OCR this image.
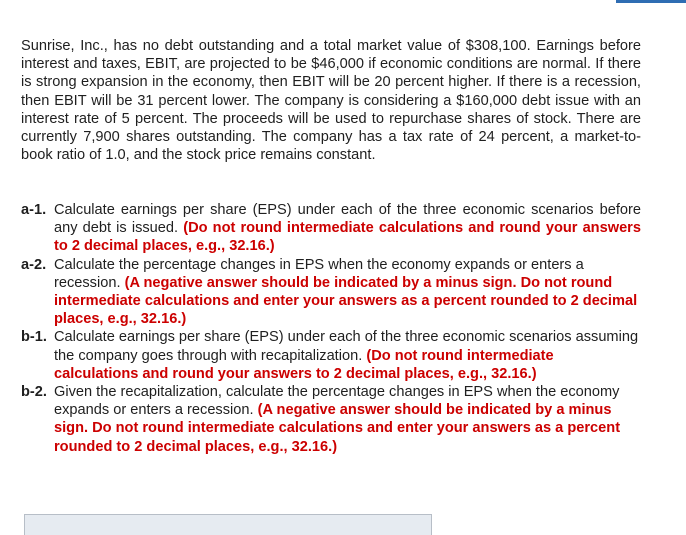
Sunrise, Inc., has no debt outstanding and a total market value of $308,100. Earnings before interest and taxes, EBIT, are projected to be $46,000 if economic conditions are normal. If there is strong expansion in the economy, then EBIT will be 20 percent higher. If there is a recession, then EBIT will be 31 percent lower. The company is considering a $160,000 debt issue with an interest rate of 5 percent. The proceeds will be used to repurchase shares of stock. There are currently 7,900 shares outstanding. The company has a tax rate of 24 percent, a market-to-book ratio of 1.0, and the stock price remains constant.

a-1. Calculate earnings per share (EPS) under each of the three economic scenarios before any debt is issued. (Do not round intermediate calculations and round your answers to 2 decimal places, e.g., 32.16.)
a-2. Calculate the percentage changes in EPS when the economy expands or enters a recession. (A negative answer should be indicated by a minus sign. Do not round intermediate calculations and enter your answers as a percent rounded to 2 decimal places, e.g., 32.16.)
b-1. Calculate earnings per share (EPS) under each of the three economic scenarios assuming the company goes through with recapitalization. (Do not round intermediate calculations and round your answers to 2 decimal places, e.g., 32.16.)
b-2. Given the recapitalization, calculate the percentage changes in EPS when the economy expands or enters a recession. (A negative answer should be indicated by a minus sign. Do not round intermediate calculations and enter your answers as a percent rounded to 2 decimal places, e.g., 32.16.)
